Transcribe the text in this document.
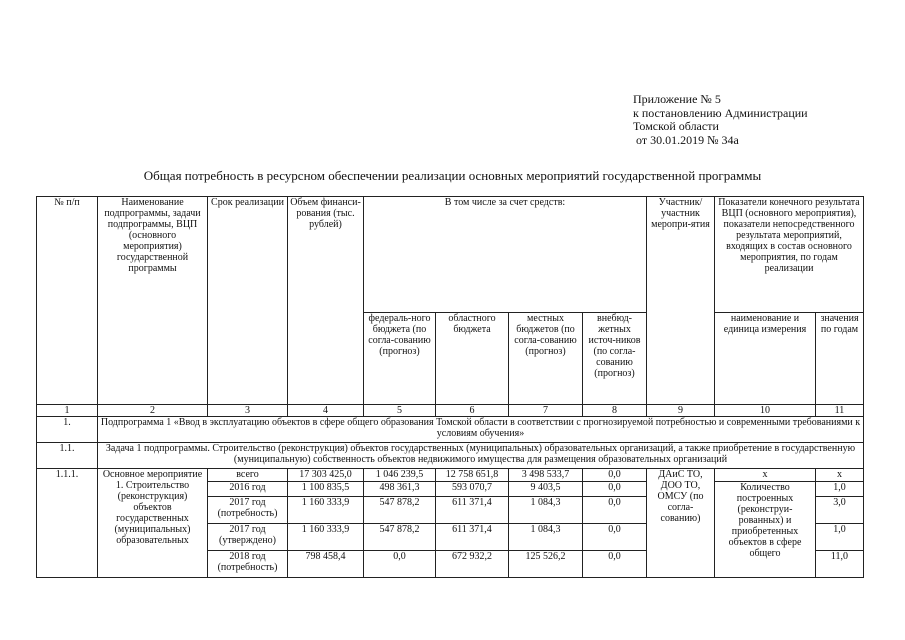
Приложение № 5
к постановлению Администрации
Томской области
от 30.01.2019 № 34а
Общая потребность в ресурсном обеспечении реализации основных мероприятий государственной программы
№ п/п	Наименование подпрограммы, задачи подпрограммы, ВЦП (основного мероприятия) государственной программы	Срок реализации	Объем финанси-рования (тыс. рублей)	В том числе за счет средств:				Участник/ участник меропри-ятия	Показатели конечного результата ВЦП (основного мероприятия), показатели непосредственного результата мероприятий, входящих в состав основного мероприятия, по годам реализации	
				федераль-ного бюджета (по согла-сованию (прогноз)	областного бюджета	местных бюджетов (по согла-сованию (прогноз)	внебюд-жетных источ-ников (по согла-сованию (прогноз)		наименование и единица измерения	значения по годам
1	2	3	4	5	6	7	8	9	10	11
1.	Подпрограмма 1 «Ввод в эксплуатацию объектов в сфере общего образования Томской области в соответствии с прогнозируемой потребностью и современными требованиями к условиям обучения»									
1.1.	Задача 1 подпрограммы. Строительство (реконструкция) объектов государственных (муниципальных) образовательных организаций, а также приобретение в государственную (муниципальную) собственность объектов недвижимого имущества для размещения образовательных организаций									
1.1.1.	Основное мероприятие 1. Строительство (реконструкция) объектов государственных (муниципальных) образовательных	всего	17 303 425,0	1 046 239,5	12 758 651,8	3 498 533,7	0,0	ДАиС ТО, ДОО ТО, ОМСУ (по согла-сованию)	х	х
		2016 год	1 100 835,5	498 361,3	593 070,7	9 403,5	0,0		Количество построенных (реконструи-рованных) и приобретенных объектов в сфере общего	1,0
		2017 год (потребность)	1 160 333,9	547 878,2	611 371,4	1 084,3	0,0			3,0
		2017 год (утверждено)	1 160 333,9	547 878,2	611 371,4	1 084,3	0,0			1,0
		2018 год (потребность)	798 458,4	0,0	672 932,2	125 526,2	0,0			11,0
